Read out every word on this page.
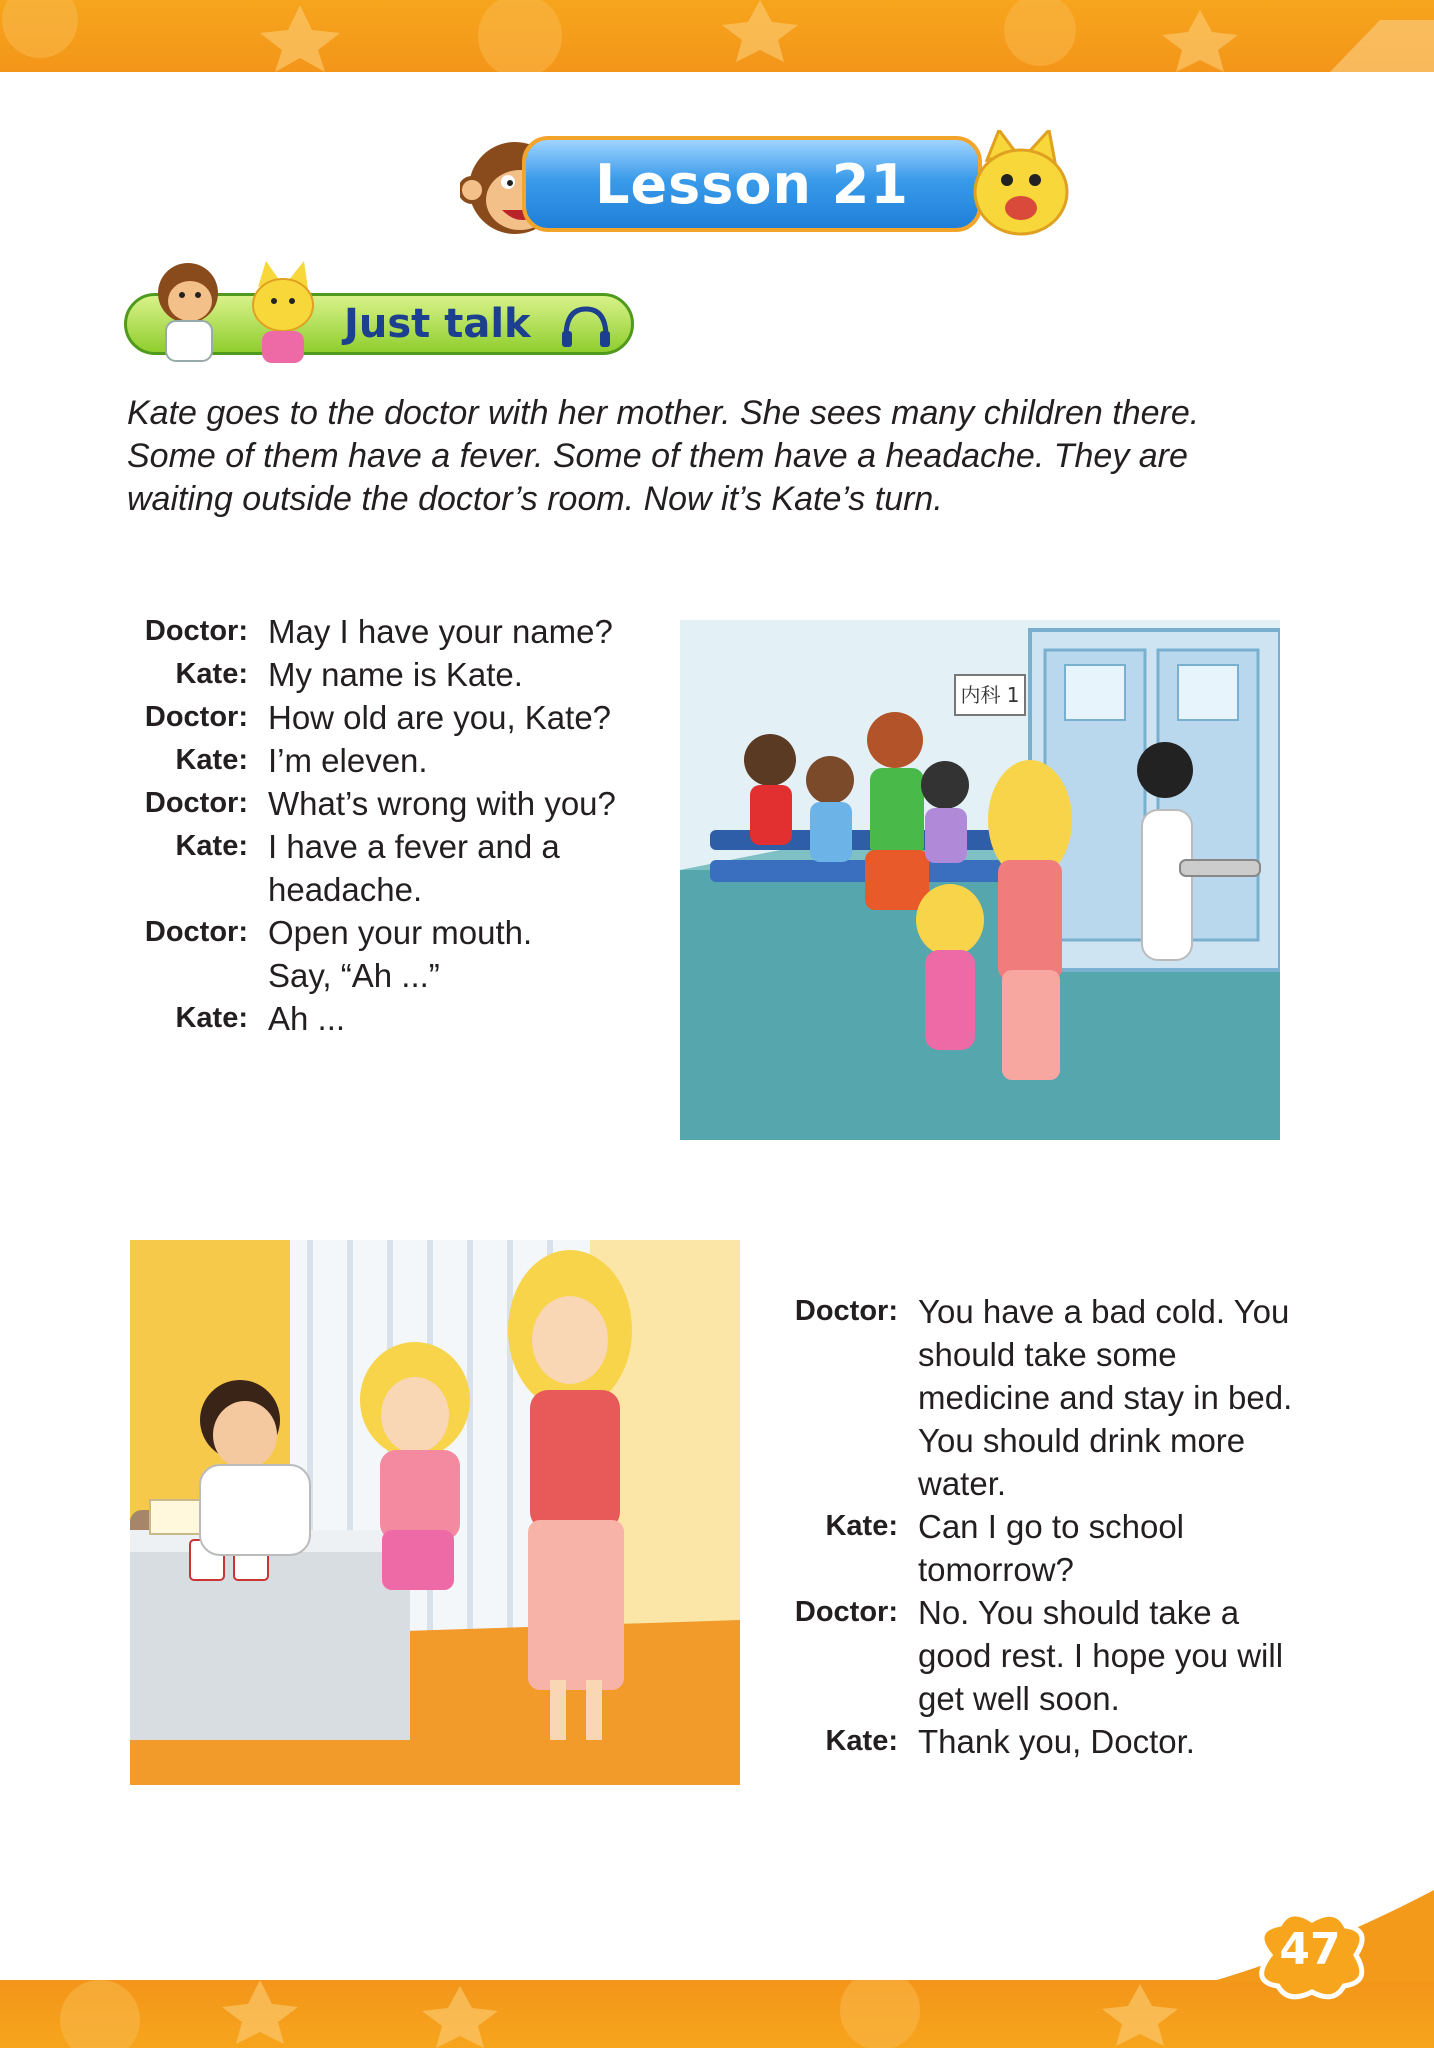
Lesson 21
Just talk
Kate goes to the doctor with her mother. She sees many children there. Some of them have a fever. Some of them have a headache. They are waiting outside the doctor’s room. Now it’s Kate’s turn.
Doctor: May I have your name?
Kate: My name is Kate.
Doctor: How old are you, Kate?
Kate: I’m eleven.
Doctor: What’s wrong with you?
Kate: I have a fever and a headache.
Doctor: Open your mouth. Say, “Ah ...”
Kate: Ah ...
内科 1
Doctor: You have a bad cold. You should take some medicine and stay in bed. You should drink more water.
Kate: Can I go to school tomorrow?
Doctor: No. You should take a good rest. I hope you will get well soon.
Kate: Thank you, Doctor.
47
